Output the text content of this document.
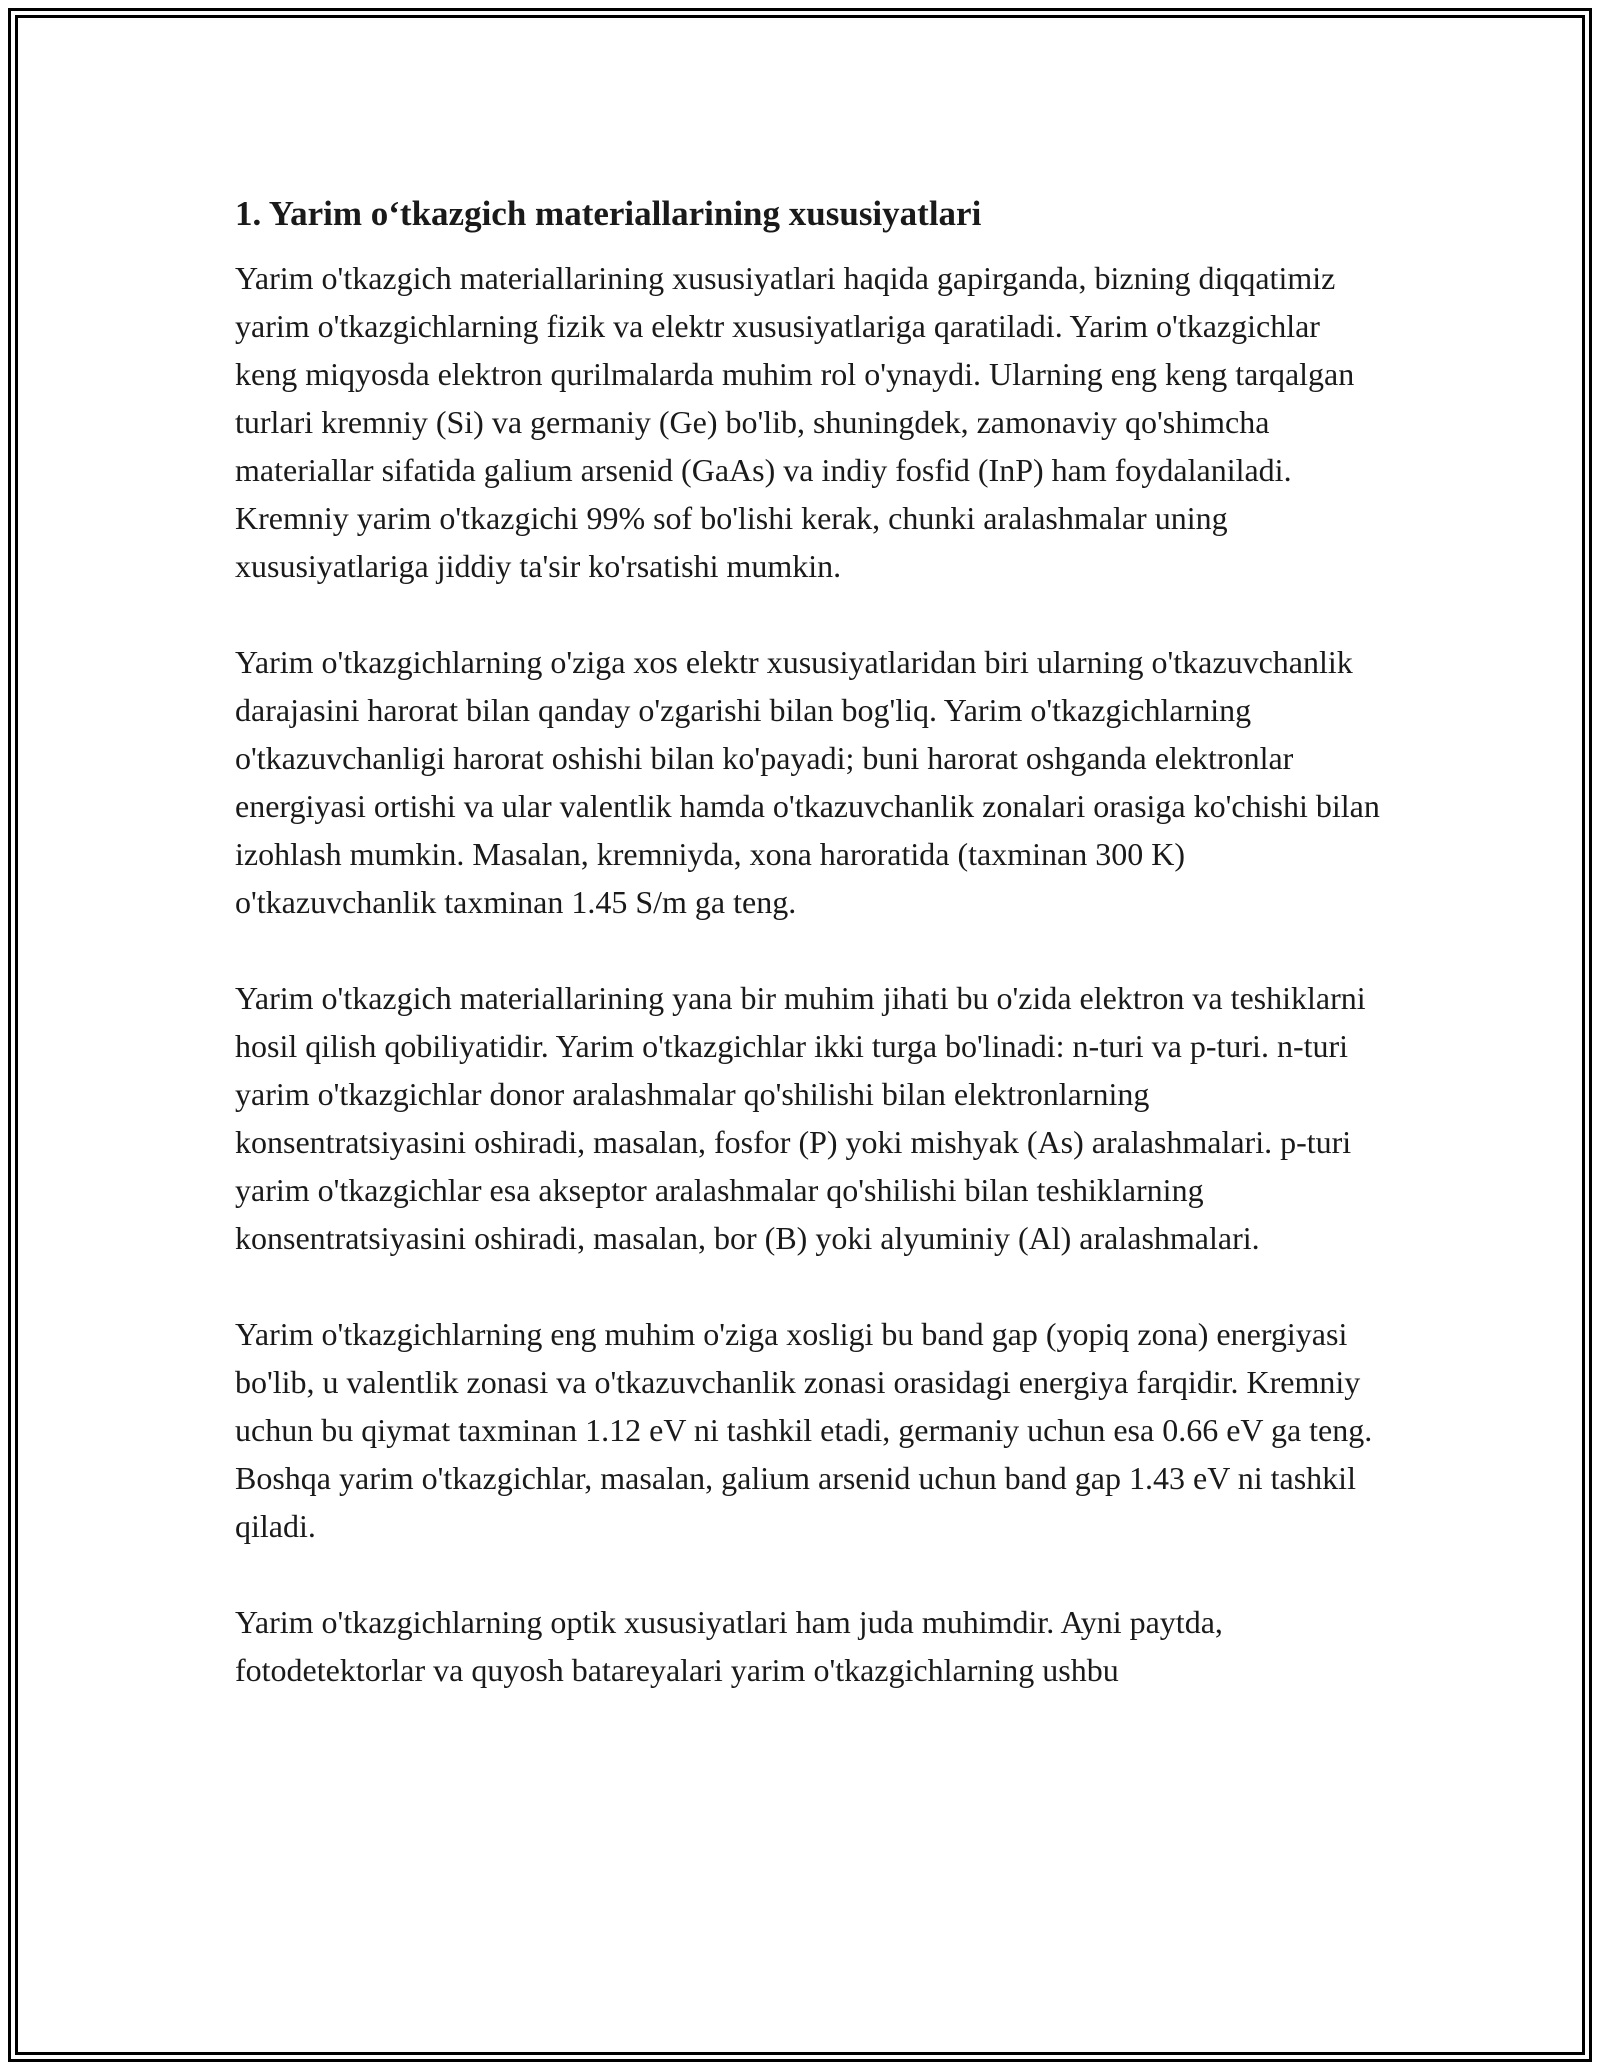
1. Yarim o‘tkazgich materiallarining xususiyatlari

Yarim o'tkazgich materiallarining xususiyatlari haqida gapirganda, bizning diqqatimiz yarim o'tkazgichlarning fizik va elektr xususiyatlariga qaratiladi. Yarim o'tkazgichlar keng miqyosda elektron qurilmalarda muhim rol o'ynaydi. Ularning eng keng tarqalgan turlari kremniy (Si) va germaniy (Ge) bo'lib, shuningdek, zamonaviy qo'shimcha materiallar sifatida galium arsenid (GaAs) va indiy fosfid (InP) ham foydalaniladi. Kremniy yarim o'tkazgichi 99% sof bo'lishi kerak, chunki aralashmalar uning xususiyatlariga jiddiy ta'sir ko'rsatishi mumkin.

Yarim o'tkazgichlarning o'ziga xos elektr xususiyatlaridan biri ularning o'tkazuvchanlik darajasini harorat bilan qanday o'zgarishi bilan bog'liq. Yarim o'tkazgichlarning o'tkazuvchanligi harorat oshishi bilan ko'payadi; buni harorat oshganda elektronlar energiyasi ortishi va ular valentlik hamda o'tkazuvchanlik zonalari orasiga ko'chishi bilan izohlash mumkin. Masalan, kremniyda, xona haroratida (taxminan 300 K) o'tkazuvchanlik taxminan 1.45 S/m ga teng.

Yarim o'tkazgich materiallarining yana bir muhim jihati bu o'zida elektron va teshiklarni hosil qilish qobiliyatidir. Yarim o'tkazgichlar ikki turga bo'linadi: n-turi va p-turi. n-turi yarim o'tkazgichlar donor aralashmalar qo'shilishi bilan elektronlarning konsentratsiyasini oshiradi, masalan, fosfor (P) yoki mishyak (As) aralashmalari. p-turi yarim o'tkazgichlar esa akseptor aralashmalar qo'shilishi bilan teshiklarning konsentratsiyasini oshiradi, masalan, bor (B) yoki alyuminiy (Al) aralashmalari.

Yarim o'tkazgichlarning eng muhim o'ziga xosligi bu band gap (yopiq zona) energiyasi bo'lib, u valentlik zonasi va o'tkazuvchanlik zonasi orasidagi energiya farqidir. Kremniy uchun bu qiymat taxminan 1.12 eV ni tashkil etadi, germaniy uchun esa 0.66 eV ga teng. Boshqa yarim o'tkazgichlar, masalan, galium arsenid uchun band gap 1.43 eV ni tashkil qiladi.

Yarim o'tkazgichlarning optik xususiyatlari ham juda muhimdir. Ayni paytda, fotodetektorlar va quyosh batareyalari yarim o'tkazgichlarning ushbu
